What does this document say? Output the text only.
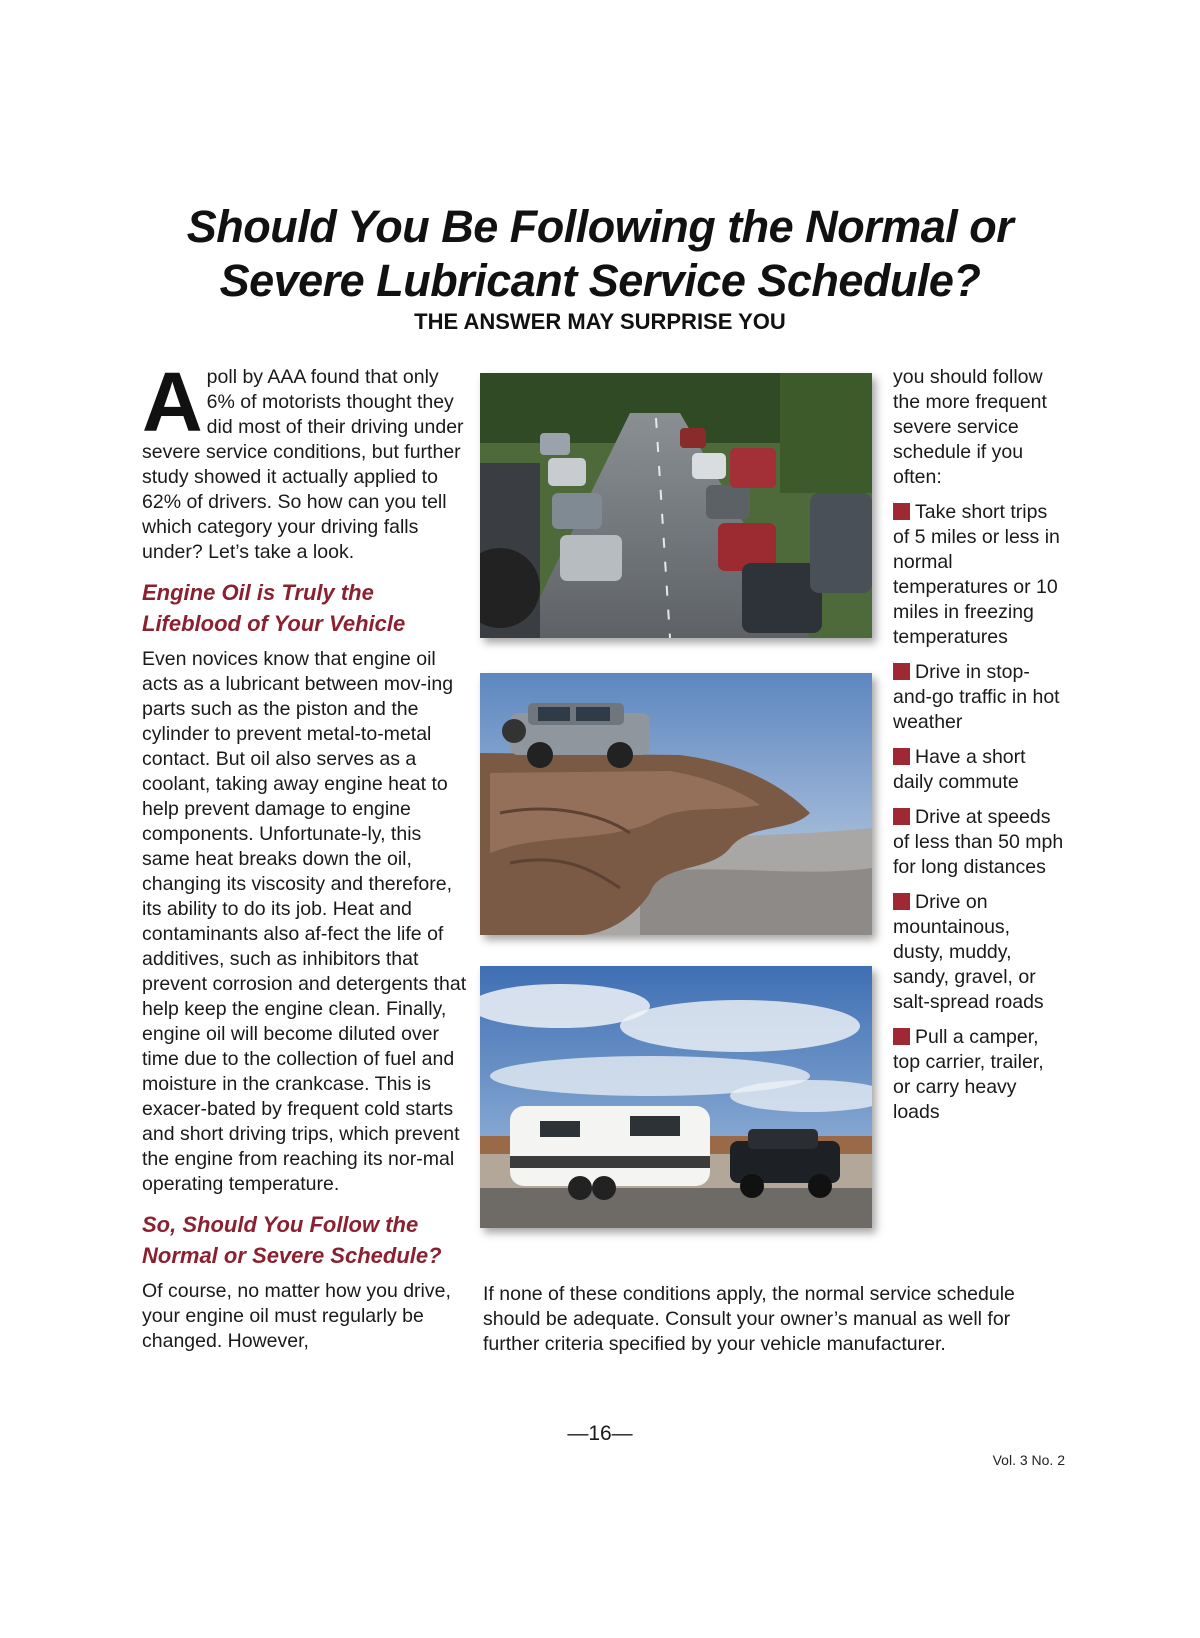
Should You Be Following the Normal or
Severe Lubricant Service Schedule?
THE ANSWER MAY SURPRISE YOU

Apoll by AAA found that only 6% of motorists thought they did most of their driving under severe service conditions, but further study showed it actually applied to 62% of drivers. So how can you tell which category your driving falls under? Let’s take a look.

Engine Oil is Truly the Lifeblood of Your Vehicle

Even novices know that engine oil acts as a lubricant between mov-ing parts such as the piston and the cylinder to prevent metal-to-metal contact. But oil also serves as a coolant, taking away engine heat to help prevent damage to engine components. Unfortunate-ly, this same heat breaks down the oil, changing its viscosity and therefore, its ability to do its job. Heat and contaminants also af-fect the life of additives, such as inhibitors that prevent corrosion and detergents that help keep the engine clean. Finally, engine oil will become diluted over time due to the collection of fuel and moisture in the crankcase. This is exacer-bated by frequent cold starts and short driving trips, which prevent the engine from reaching its nor-mal operating temperature.

So, Should You Follow the Normal or Severe Schedule?

Of course, no matter how you drive, your engine oil must regularly be changed. However,

you should follow the more frequent severe service schedule if you often:

Take short trips of 5 miles or less in normal temperatures or 10 miles in freezing temperatures

Drive in stop-and-go traffic in hot weather

Have a short daily commute

Drive at speeds of less than 50 mph for long distances

Drive on mountainous, dusty, muddy, sandy, gravel, or salt-spread roads

Pull a camper, top carrier, trailer, or carry heavy loads

If none of these conditions apply, the normal service schedule should be adequate. Consult your owner’s manual as well for further criteria specified by your vehicle manufacturer.

—16—
Vol. 3 No. 2
